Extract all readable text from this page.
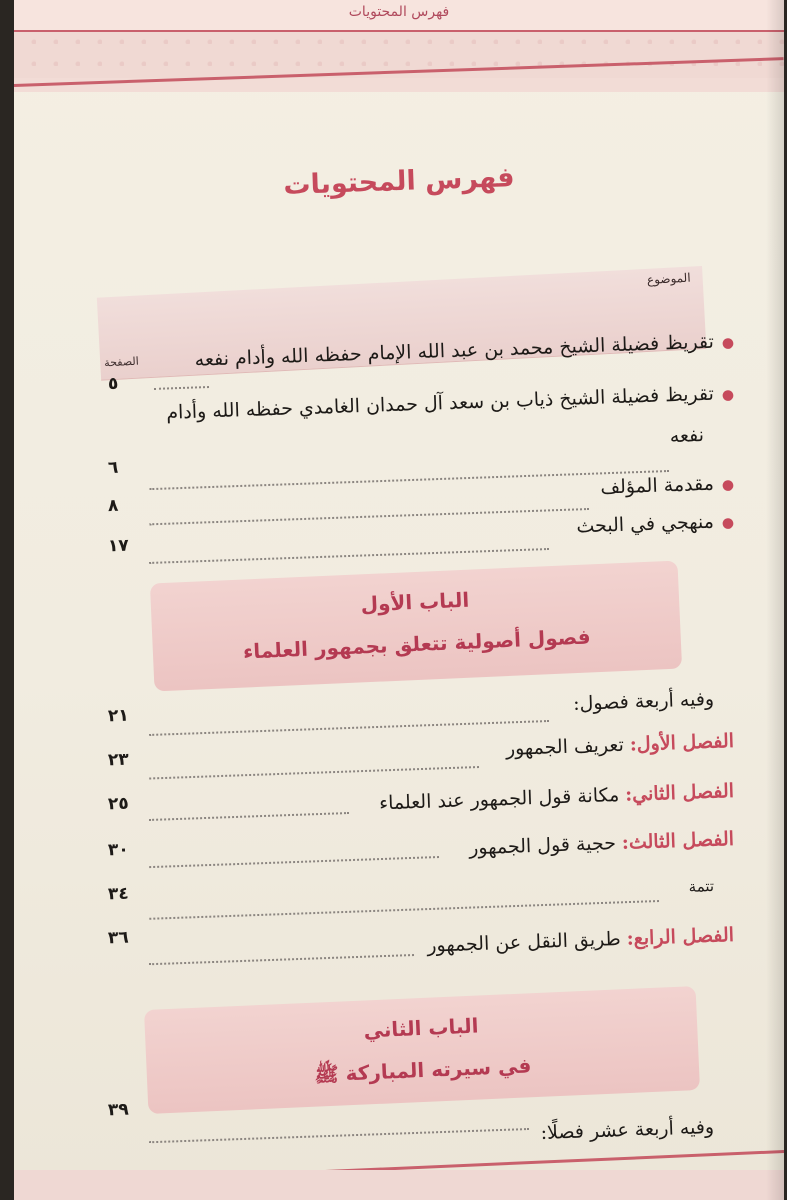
فهرس المحتويات
فهرس المحتويات
الموضوع
الصفحة
●تقريظ فضيلة الشيخ محمد بن عبد الله الإمام حفظه الله وأدام نفعه
٥
●تقريظ فضيلة الشيخ ذياب بن سعد آل حمدان الغامدي حفظه الله وأدام
نفعه
٦
●مقدمة المؤلف
٨
●منهجي في البحث
١٧
الباب الأول
فصول أصولية تتعلق بجمهور العلماء
وفيه أربعة فصول:
٢١
الفصل الأول:تعريف الجمهور
٢٣
الفصل الثاني:مكانة قول الجمهور عند العلماء
٢٥
الفصل الثالث:حجية قول الجمهور
٣٠
تتمة
٣٤
الفصل الرابع:طريق النقل عن الجمهور
٣٦
الباب الثاني
في سيرته المباركة ﷺ
وفيه أربعة عشر فصلًا:
٣٩
